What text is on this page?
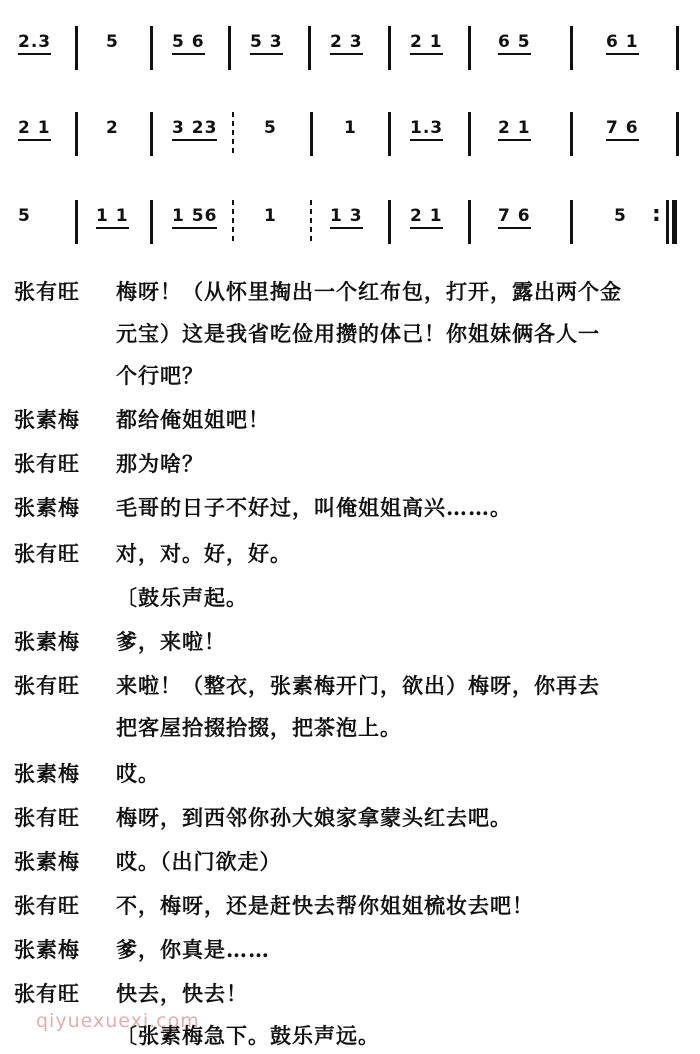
2.3	5	5 6	5 3	2 3	2 1	6 5	6 1
2 1	2	3 23	5	1	1.3	2 1	7 6
5	1 1	1 56	1	1 3	2 1	7 6	5 :
张有旺 梅呀！（从怀里掏出一个红布包，打开，露出两个金
元宝）这是我省吃俭用攒的体己！你姐妹俩各人一
个行吧？
张素梅 都给俺姐姐吧！
张有旺 那为啥？
张素梅 毛哥的日子不好过，叫俺姐姐高兴……。
张有旺 对，对。好，好。
〔鼓乐声起。
张素梅 爹，来啦！
张有旺 来啦！（整衣，张素梅开门，欲出）梅呀，你再去
把客屋拾掇拾掇，把茶泡上。
张素梅 哎。
张有旺 梅呀，到西邻你孙大娘家拿蒙头红去吧。
张素梅 哎。（出门欲走）
张有旺 不，梅呀，还是赶快去帮你姐姐梳妆去吧！
张素梅 爹，你真是……
张有旺 快去，快去！
〔张素梅急下。鼓乐声远。
qiyuexuexi.com
